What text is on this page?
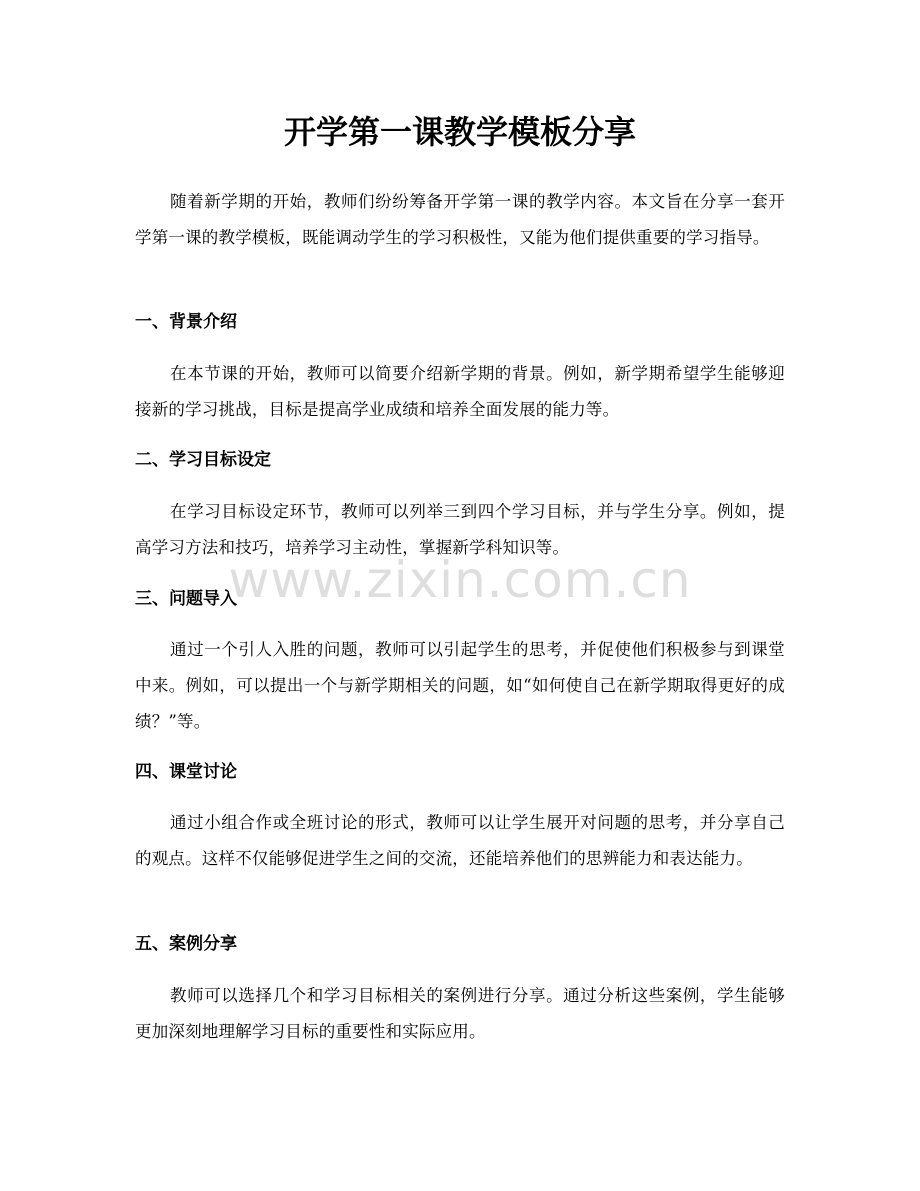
开学第一课教学模板分享

随着新学期的开始，教师们纷纷筹备开学第一课的教学内容。本文旨在分享一套开学第一课的教学模板，既能调动学生的学习积极性，又能为他们提供重要的学习指导。

一、背景介绍

在本节课的开始，教师可以简要介绍新学期的背景。例如，新学期希望学生能够迎接新的学习挑战，目标是提高学业成绩和培养全面发展的能力等。

二、学习目标设定

在学习目标设定环节，教师可以列举三到四个学习目标，并与学生分享。例如，提高学习方法和技巧，培养学习主动性，掌握新学科知识等。

三、问题导入

通过一个引人入胜的问题，教师可以引起学生的思考，并促使他们积极参与到课堂中来。例如，可以提出一个与新学期相关的问题，如“如何使自己在新学期取得更好的成绩？”等。

四、课堂讨论

通过小组合作或全班讨论的形式，教师可以让学生展开对问题的思考，并分享自己的观点。这样不仅能够促进学生之间的交流，还能培养他们的思辨能力和表达能力。

五、案例分享

教师可以选择几个和学习目标相关的案例进行分享。通过分析这些案例，学生能够更加深刻地理解学习目标的重要性和实际应用。

www.zixin.com.cn
